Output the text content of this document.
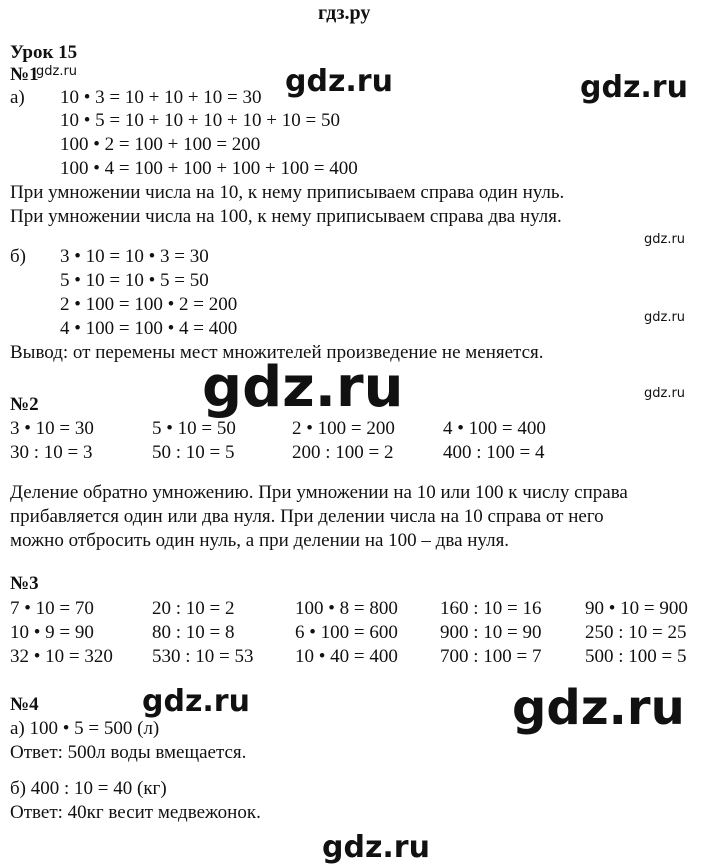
гдз.ру
Урок 15
№1
gdz.ru	gdz.ru	gdz.ru
а) 10 • 3 = 10 + 10 + 10 = 30
10 • 5 = 10 + 10 + 10 + 10 + 10 = 50
100 • 2 = 100 + 100 = 200
100 • 4 = 100 + 100 + 100 + 100 = 400
При умножении числа на 10, к нему приписываем справа один нуль.
При умножении числа на 100, к нему приписываем справа два нуля.
gdz.ru
б) 3 • 10 = 10 • 3 = 30
5 • 10 = 10 • 5 = 50
2 • 100 = 100 • 2 = 200
4 • 100 = 100 • 4 = 400
gdz.ru
Вывод: от перемены мест множителей произведение не меняется.
gdz.ru	gdz.ru
№2
3 • 10 = 30	5 • 10 = 50	2 • 100 = 200	4 • 100 = 400
30 : 10 = 3	50 : 10 = 5	200 : 100 = 2	400 : 100 = 4
Деление обратно умножению. При умножении на 10 или 100 к числу справа
прибавляется один или два нуля. При делении числа на 10 справа от него
можно отбросить один нуль, а при делении на 100 – два нуля.
№3
7 • 10 = 70	20 : 10 = 2	100 • 8 = 800 160 : 10 = 16 90 • 10 = 900
10 • 9 = 90	80 : 10 = 8	6 • 100 = 600 900 : 10 = 90 250 : 10 = 25
32 • 10 = 320 530 : 10 = 53 10 • 40 = 400 700 : 100 = 7 500 : 100 = 5
gdz.ru	gdz.ru
№4
а) 100 • 5 = 500 (л)
Ответ: 500л воды вмещается.
б) 400 : 10 = 40 (кг)
Ответ: 40кг весит медвежонок.
gdz.ru
